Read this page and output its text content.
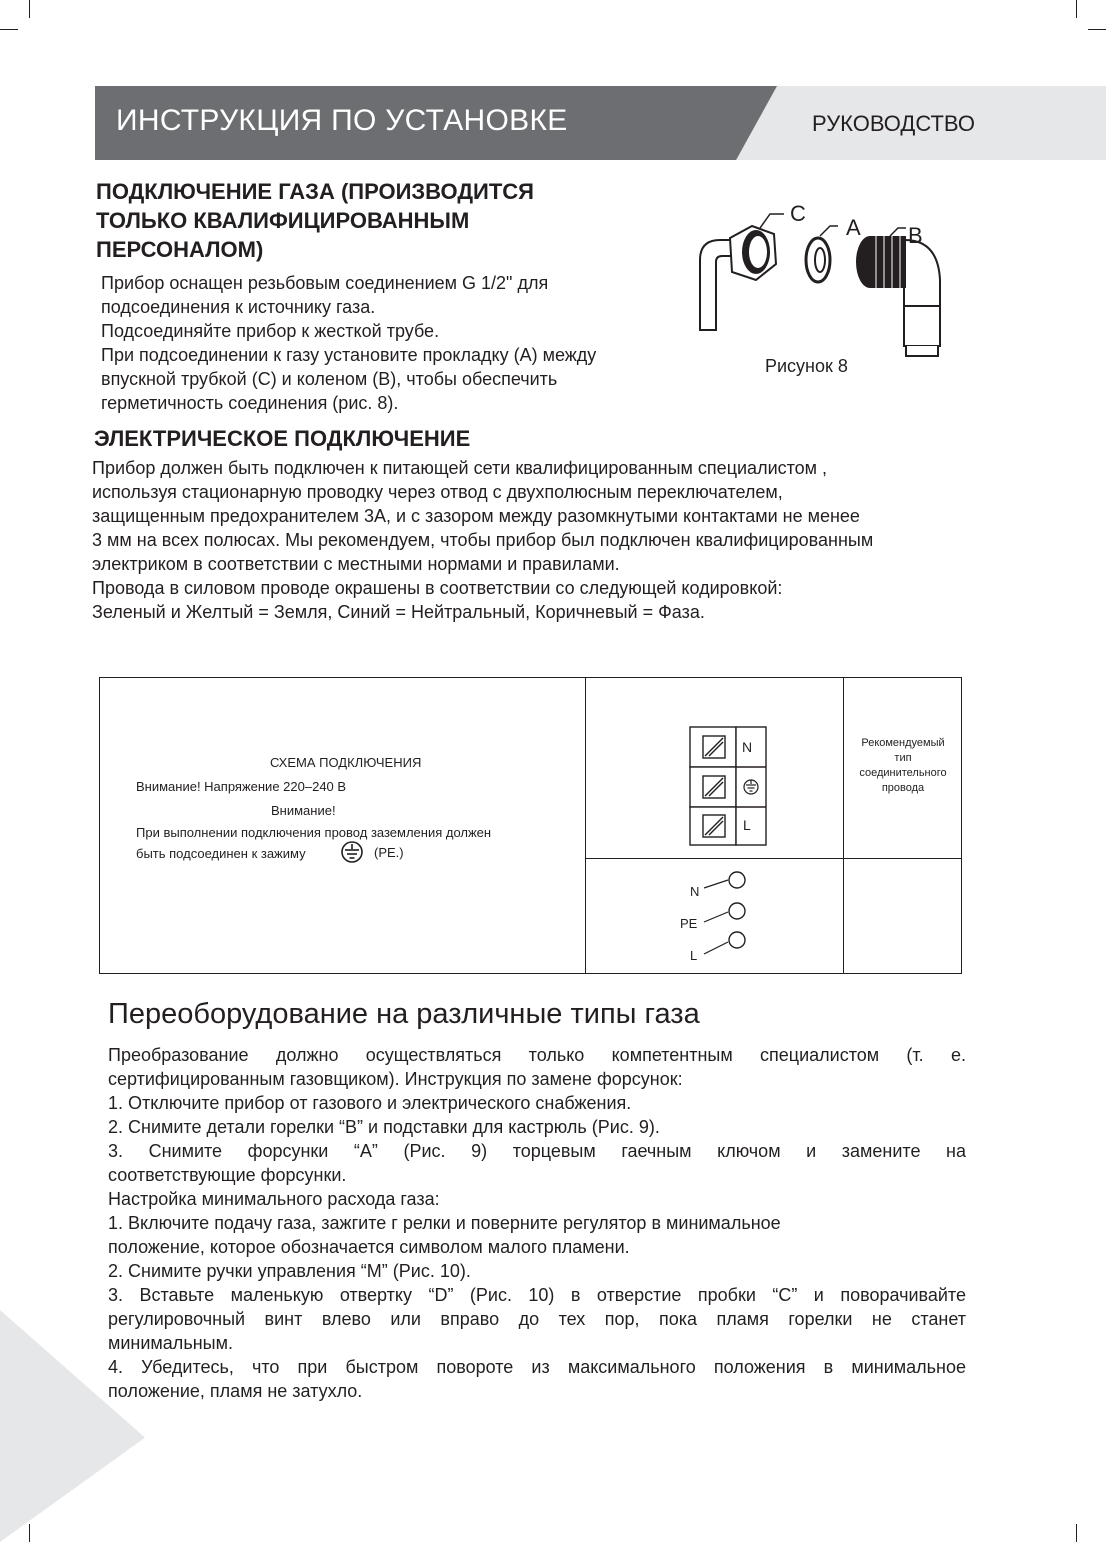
ИНСТРУКЦИЯ ПО УСТАНОВКЕ	РУКОВОДСТВО
ПОДКЛЮЧЕНИЕ ГАЗА (ПРОИЗВОДИТСЯ
ТОЛЬКО КВАЛИФИЦИРОВАННЫМ
ПЕРСОНАЛОМ)
Прибор оснащен резьбовым соединением G 1/2" для
подсоединения к источнику газа.
Подсоединяйте прибор к жесткой трубе.
При подсоединении к газу установите прокладку (A) между
впускной трубкой (C) и коленом (B), чтобы обеспечить
герметичность соединения (рис. 8).
C
A B
Рисунок 8
ЭЛЕКТРИЧЕСКОЕ ПОДКЛЮЧЕНИЕ
Прибор должен быть подключен к питающей сети квалифицированным специалистом ,
используя стационарную проводку через отвод с двухполюсным переключателем,
защищенным предохранителем 3A, и с зазором между разомкнутыми контактами не менее
3 мм на всех полюсах. Мы рекомендуем, чтобы прибор был подключен квалифицированным
электриком в соответствии с местными нормами и правилами.
Провода в силовом проводе окрашены в соответствии со следующей кодировкой:
Зеленый и Желтый = Земля, Синий = Нейтральный, Коричневый = Фаза.
СХЕМА ПОДКЛЮЧЕНИЯ
Внимание! Напряжение 220–240 В
Внимание!
При выполнении подключения провод заземления должен
быть подсоединен к зажиму	(PE.)
N
L
Рекомендуемый
тип
соединительного
провода
N
PE
L
Переоборудование на различные типы газа
Преобразование должно осуществляться только компетентным специалистом (т. е.
сертифицированным газовщиком). Инструкция по замене форсунок:
1. Отключите прибор от газового и электрического снабжения.
2. Снимите детали горелки “B” и подставки для кастрюль (Рис. 9).
3. Снимите форсунки “A” (Рис. 9) торцевым гаечным ключом и замените на
соответствующие форсунки.
Настройка минимального расхода газа:
1. Включите подачу газа, зажгите г релки и поверните регулятор в минимальное
положение, которое обозначается символом малого пламени.
2. Снимите ручки управления “M” (Рис. 10).
3. Вставьте маленькую отвертку “D” (Рис. 10) в отверстие пробки “C” и поворачивайте
регулировочный винт влево или вправо до тех пор, пока пламя горелки не станет
минимальным.
4. Убедитесь, что при быстром повороте из максимального положения в минимальное
положение, пламя не затухло.
